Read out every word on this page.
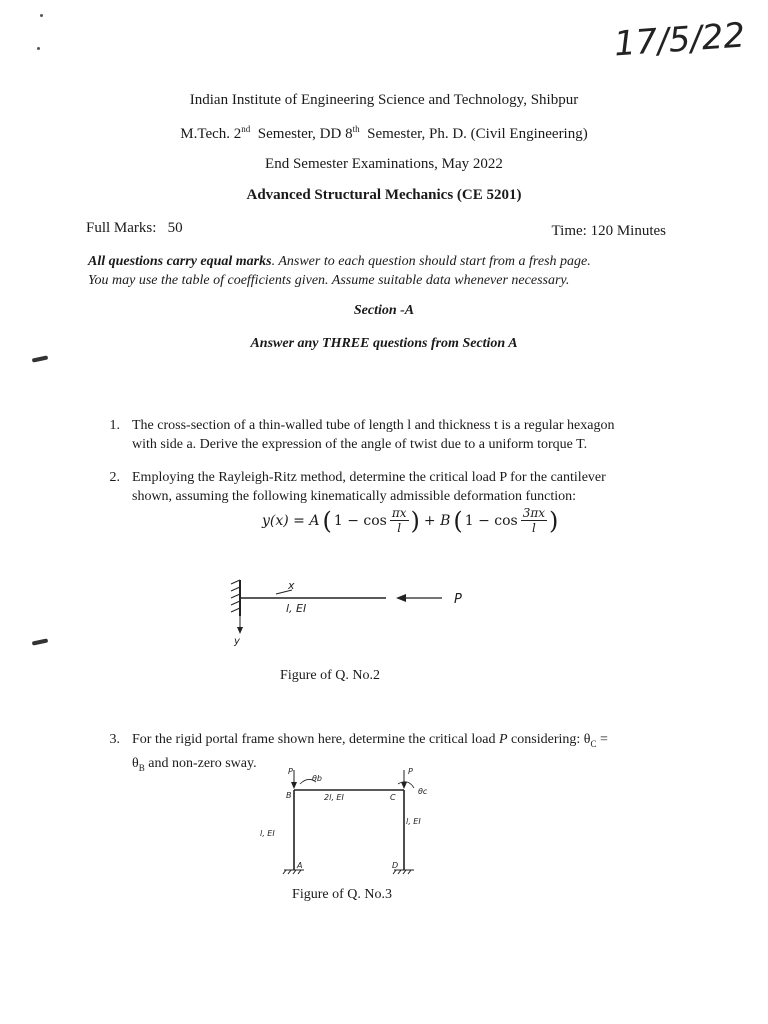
17/5/22
Indian Institute of Engineering Science and Technology, Shibpur
M.Tech. 2nd  Semester, DD 8th  Semester, Ph. D. (Civil Engineering)
End Semester Examinations, May 2022
Advanced Structural Mechanics (CE 5201)
Full Marks:   50	Time: 120 Minutes
All questions carry equal marks. Answer to each question should start from a fresh page.
You may use the table of coefficients given. Assume suitable data whenever necessary.
Section -A
Answer any THREE questions from Section A
1. The cross-section of a thin-walled tube of length l and thickness t is a regular hexagon
with side a. Derive the expression of the angle of twist due to a uniform torque T.
2. Employing the Rayleigh-Ritz method, determine the critical load P for the cantilever
shown, assuming the following kinematically admissible deformation function:
y(x) = A ( 1 − cos πx
l ) + B ( 1 − cos 3πx
l )
x
l, EI
P
y
Figure of Q. No.2
3. For the rigid portal frame shown here, determine the critical load P considering: $\theta_C$ =
$\theta_B$ and non-zero sway.
P	P
θb
θc
B	C
2l, EI
l, EI
l, EI
A	D
Figure of Q. No.3
